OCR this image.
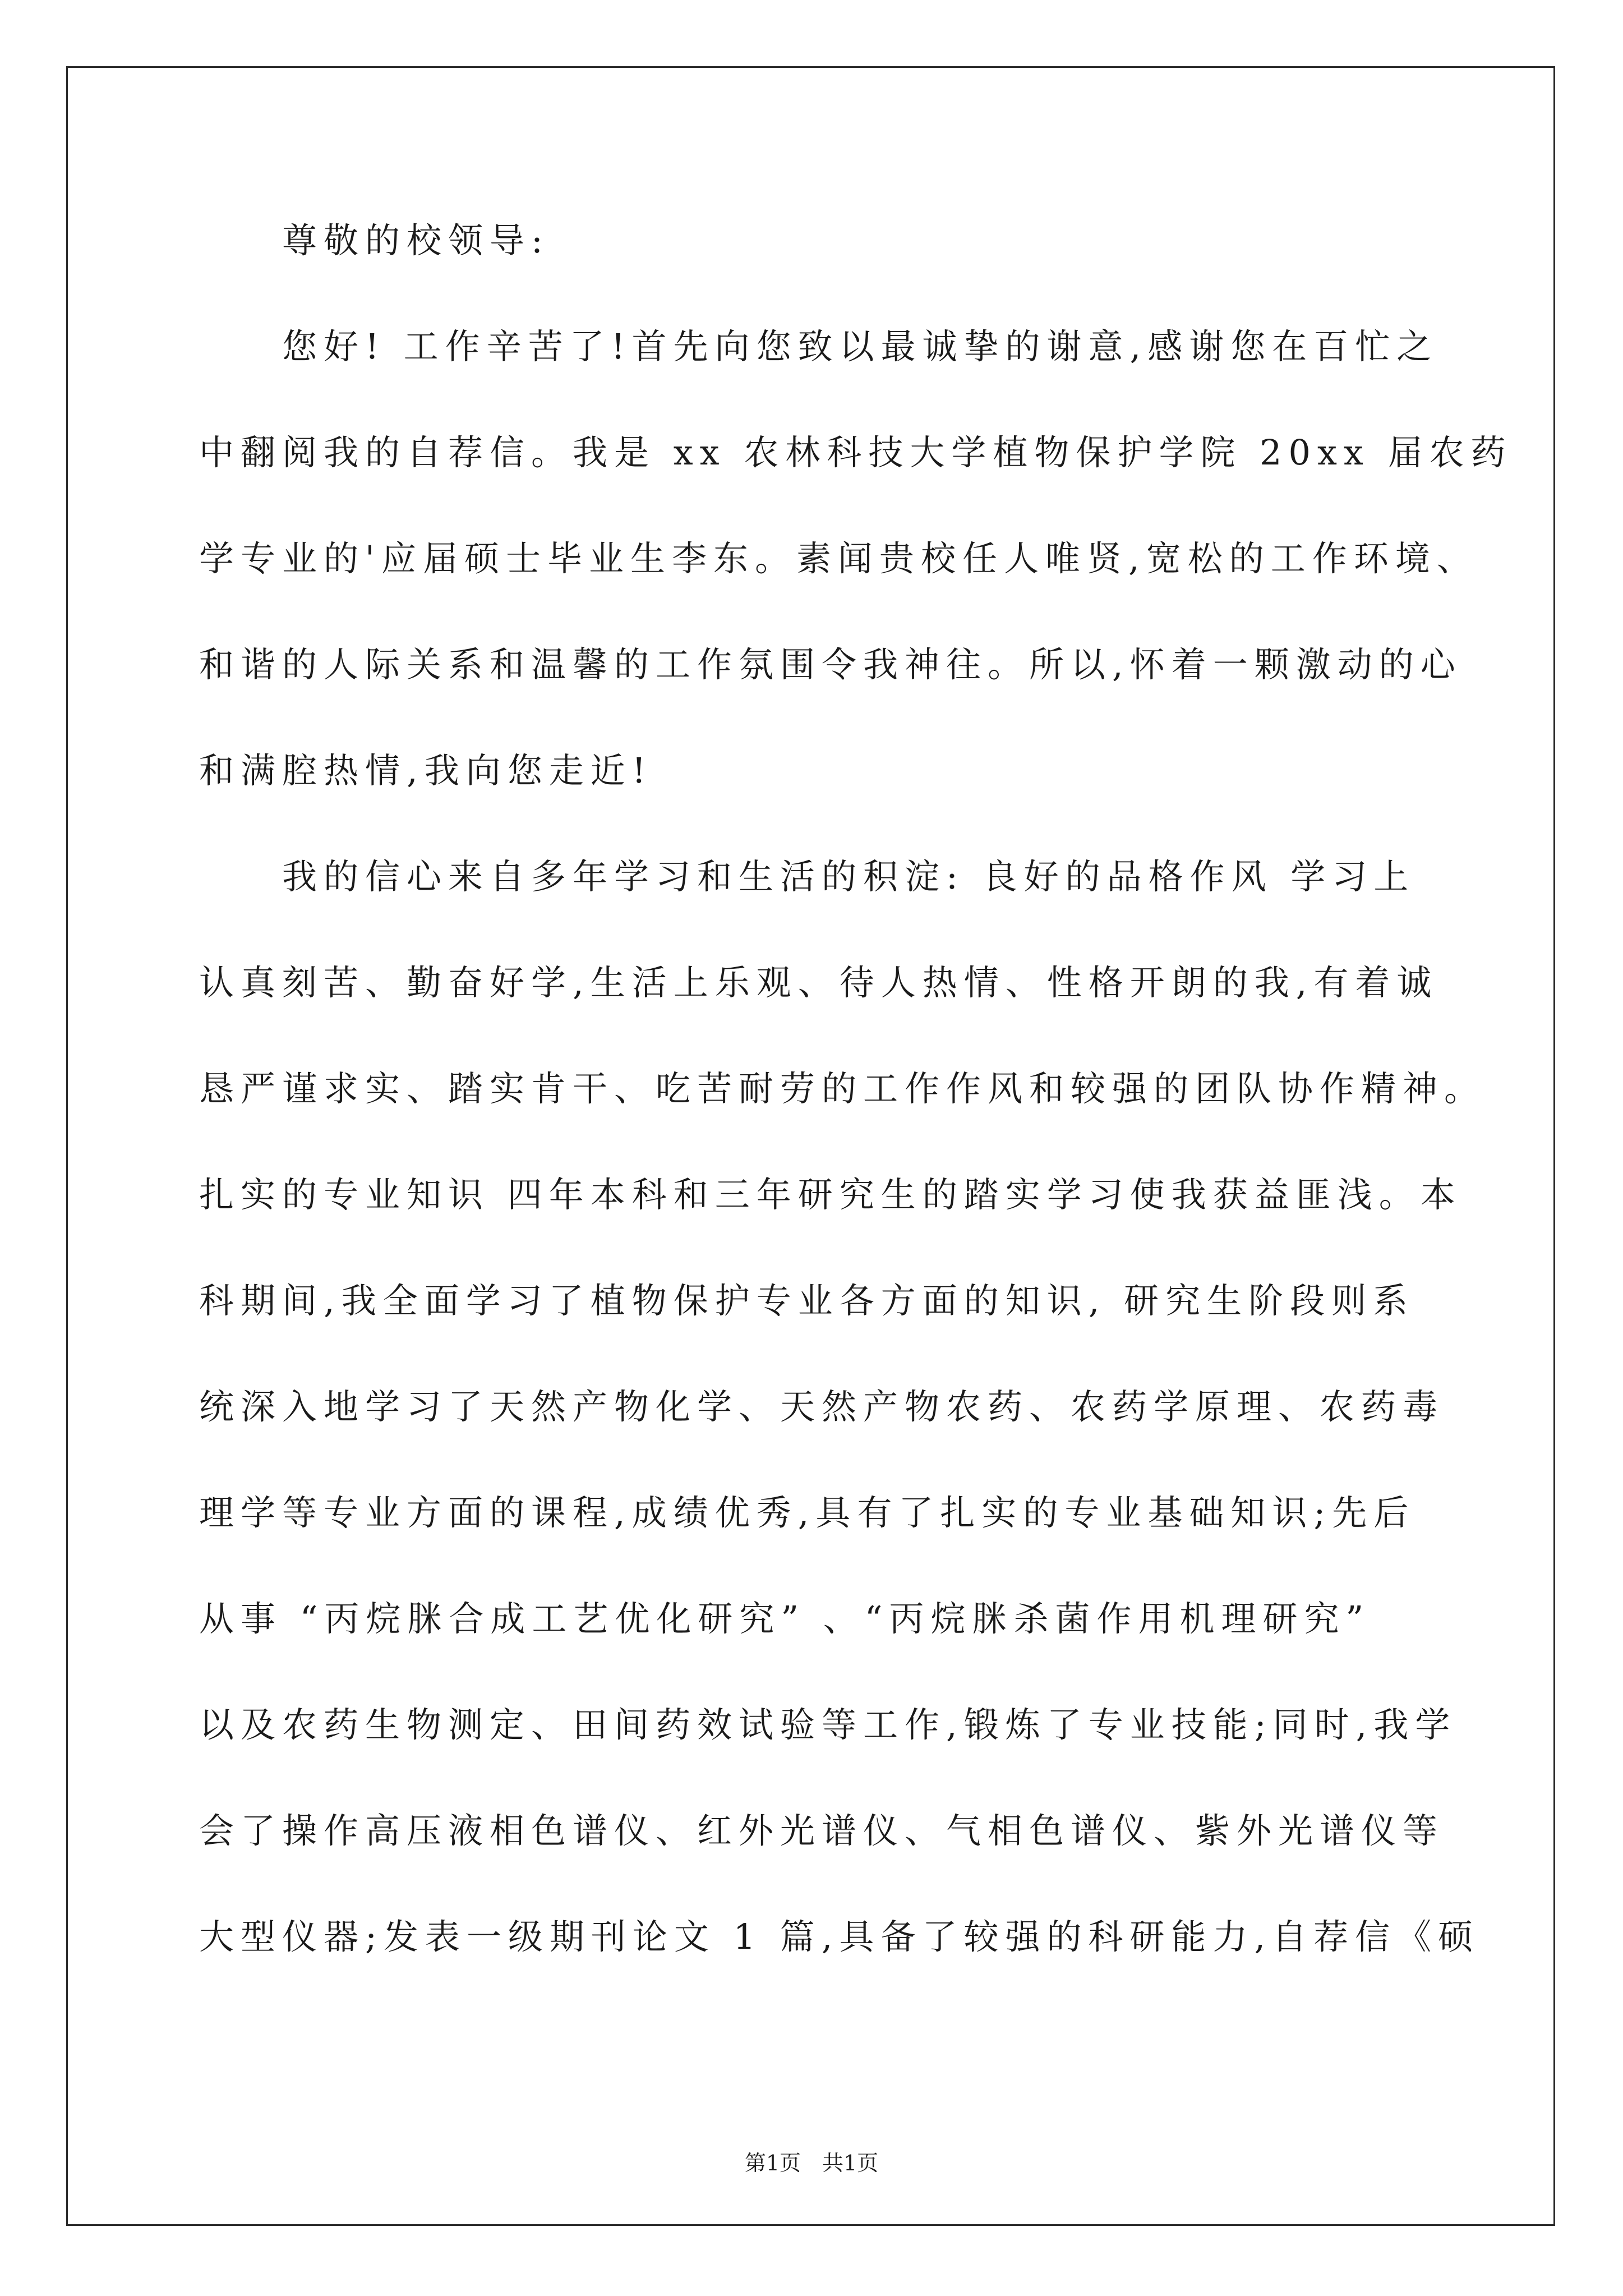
　　尊敬的校领导:
　　您好! 工作辛苦了!首先向您致以最诚挚的谢意,感谢您在百忙之
中翻阅我的自荐信。我是 xx 农林科技大学植物保护学院 20xx 届农药
学专业的'应届硕士毕业生李东。素闻贵校任人唯贤,宽松的工作环境、
和谐的人际关系和温馨的工作氛围令我神往。所以,怀着一颗激动的心
和满腔热情,我向您走近!
　　我的信心来自多年学习和生活的积淀: 良好的品格作风 学习上
认真刻苦、勤奋好学,生活上乐观、待人热情、性格开朗的我,有着诚
恳严谨求实、踏实肯干、吃苦耐劳的工作作风和较强的团队协作精神。
扎实的专业知识 四年本科和三年研究生的踏实学习使我获益匪浅。本
科期间,我全面学习了植物保护专业各方面的知识, 研究生阶段则系
统深入地学习了天然产物化学、天然产物农药、农药学原理、农药毒
理学等专业方面的课程,成绩优秀,具有了扎实的专业基础知识;先后
从事 “丙烷脒合成工艺优化研究” 、“丙烷脒杀菌作用机理研究”
以及农药生物测定、田间药效试验等工作,锻炼了专业技能;同时,我学
会了操作高压液相色谱仪、红外光谱仪、气相色谱仪、紫外光谱仪等
大型仪器;发表一级期刊论文 1 篇,具备了较强的科研能力,自荐信《硕
第1页　共1页
